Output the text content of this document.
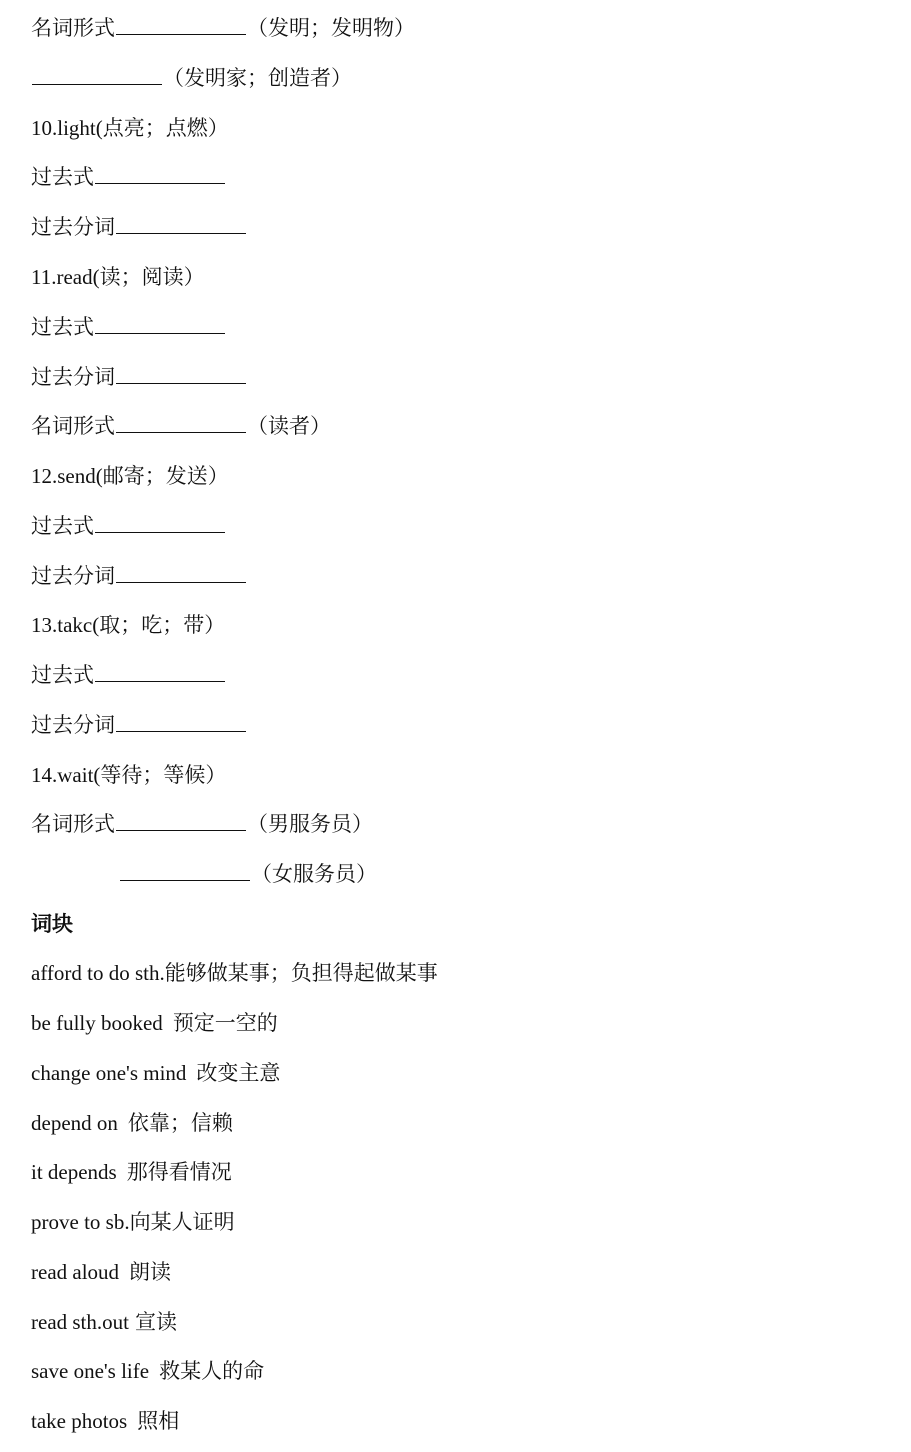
名词形式	（发明；发明物）
（发明家；创造者）
10.light(点亮；点燃）
过去式
过去分词
11.read(读；阅读）
过去式
过去分词
名词形式	（读者）
12.send(邮寄；发送）
过去式
过去分词
13.takc(取；吃；带）
过去式
过去分词
14.wait(等待；等候）
名词形式	（男服务员）
（女服务员）
词块
afford to do sth.能够做某事；负担得起做某事
be fully booked 预定一空的
change one's mind 改变主意
depend on 依靠；信赖
it depends 那得看情况
prove to sb.向某人证明
read aloud 朗读
read sth.out 宣读
save one's life 救某人的命
take photos 照相
